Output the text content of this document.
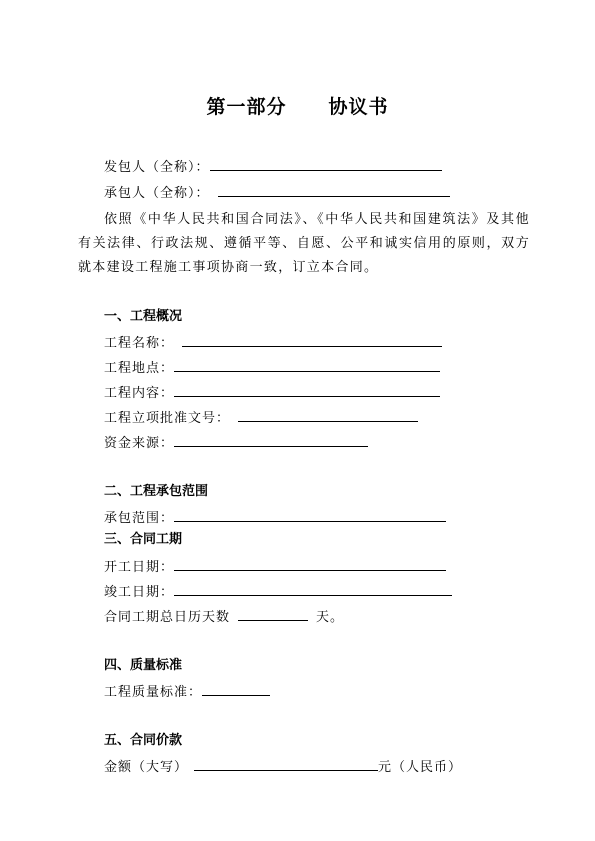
第一部分 协议书
发包人（全称）：
承包人（全称）：
依照《中华人民共和国合同法》、《中华人民共和国建筑法》及其他有关法律、行政法规、遵循平等、自愿、公平和诚实信用的原则，双方就本建设工程施工事项协商一致，订立本合同。
一、工程概况
工程名称：
工程地点：
工程内容：
工程立项批准文号：
资金来源：
二、工程承包范围
承包范围：
三、合同工期
开工日期：
竣工日期：
合同工期总日历天数	天。
四、质量标准
工程质量标准：
五、合同价款
金额（大写）	元（人民币）
